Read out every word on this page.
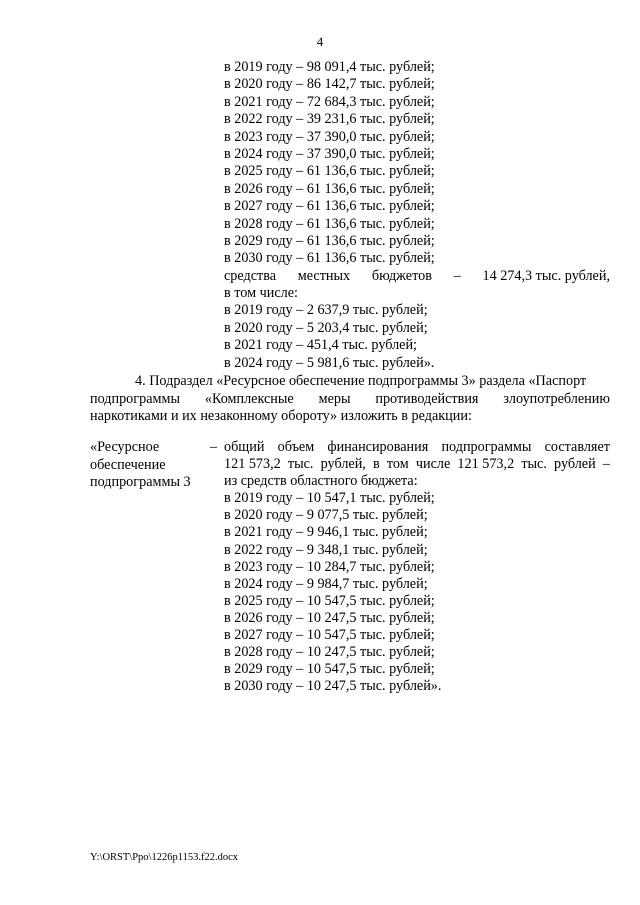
4
в 2019 году – 98 091,4 тыс. рублей;
в 2020 году – 86 142,7 тыс. рублей;
в 2021 году – 72 684,3 тыс. рублей;
в 2022 году – 39 231,6 тыс. рублей;
в 2023 году – 37 390,0 тыс. рублей;
в 2024 году – 37 390,0 тыс. рублей;
в 2025 году – 61 136,6 тыс. рублей;
в 2026 году – 61 136,6 тыс. рублей;
в 2027 году – 61 136,6 тыс. рублей;
в 2028 году – 61 136,6 тыс. рублей;
в 2029 году – 61 136,6 тыс. рублей;
в 2030 году – 61 136,6 тыс. рублей;
средства местных бюджетов – 14 274,3 тыс. рублей,
в том числе:
в 2019 году – 2 637,9 тыс. рублей;
в 2020 году – 5 203,4 тыс. рублей;
в 2021 году – 451,4 тыс. рублей;
в 2024 году – 5 981,6 тыс. рублей».
4. Подраздел «Ресурсное обеспечение подпрограммы 3» раздела «Паспорт
подпрограммы «Комплексные меры противодействия злоупотреблению
наркотиками и их незаконному обороту» изложить в редакции:
«Ресурсное
обеспечение
подпрограммы 3
– общий объем финансирования подпрограммы составляет
121 573,2 тыс. рублей, в том числе 121 573,2 тыс. рублей –
из средств областного бюджета:
в 2019 году – 10 547,1 тыс. рублей;
в 2020 году – 9 077,5 тыс. рублей;
в 2021 году – 9 946,1 тыс. рублей;
в 2022 году – 9 348,1 тыс. рублей;
в 2023 году – 10 284,7 тыс. рублей;
в 2024 году – 9 984,7 тыс. рублей;
в 2025 году – 10 547,5 тыс. рублей;
в 2026 году – 10 247,5 тыс. рублей;
в 2027 году – 10 547,5 тыс. рублей;
в 2028 году – 10 247,5 тыс. рублей;
в 2029 году – 10 547,5 тыс. рублей;
в 2030 году – 10 247,5 тыс. рублей».
Y:\ORST\Ppo\1226p1153.f22.docx
